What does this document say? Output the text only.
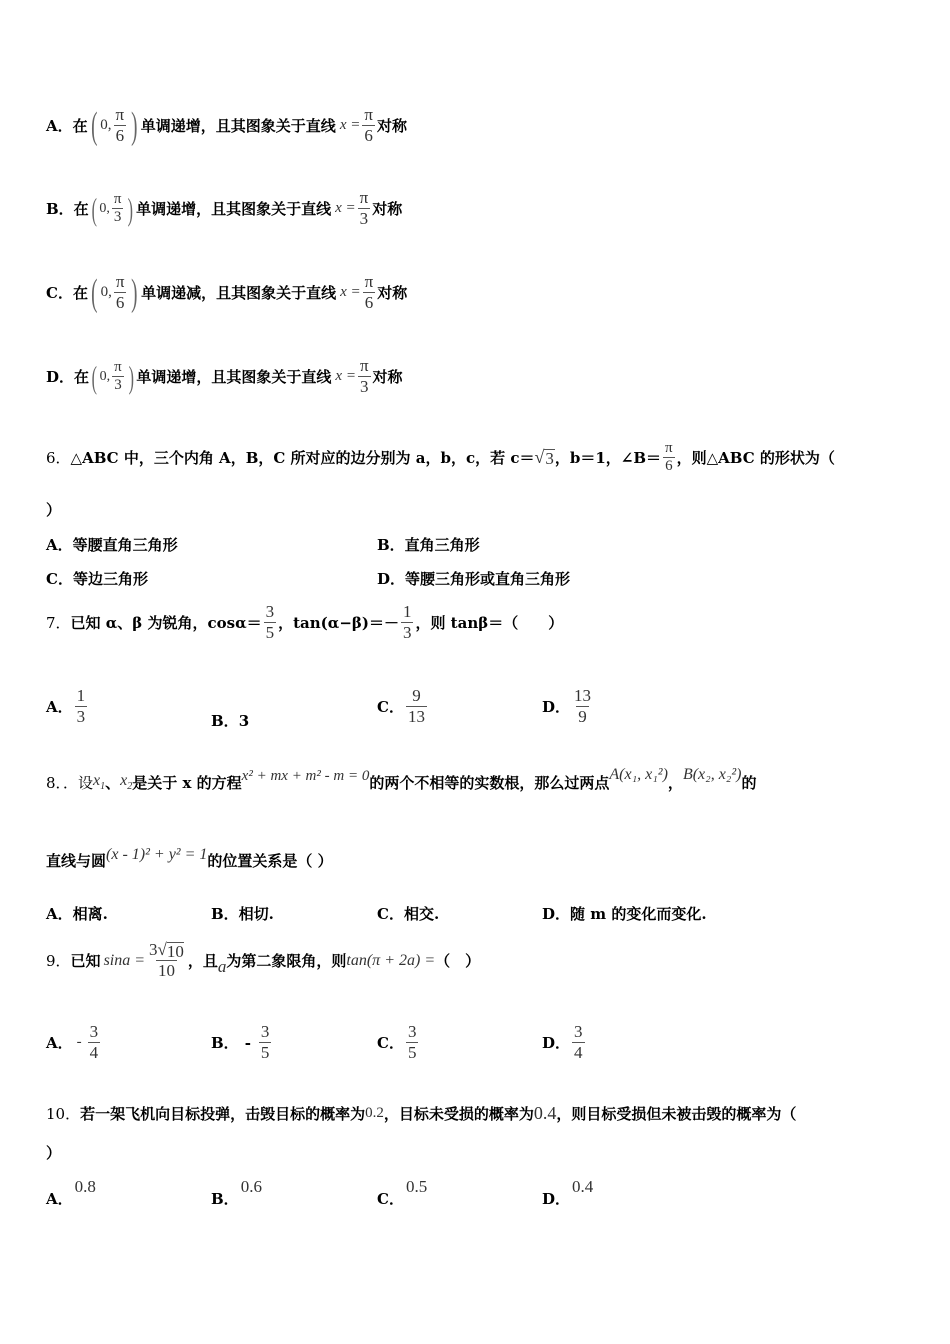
A．在 ( 0, $\frac{\pi}{6}$ ) 单调递增，且其图象关于直线 $x = \frac{\pi}{6}$ 对称
B．在 ( 0, $\frac{\pi}{3}$ ) 单调递增，且其图象关于直线 $x = \frac{\pi}{3}$ 对称
C．在 ( 0, $\frac{\pi}{6}$ ) 单调递减，且其图象关于直线 $x = \frac{\pi}{6}$ 对称
D．在 ( 0, $\frac{\pi}{3}$ ) 单调递增，且其图象关于直线 $x = \frac{\pi}{3}$ 对称
6． △ABC 中，三个内角 A，B，C 所对应的边分别为 a，b，c，若 c＝ √ 3 ，b＝1，∠B＝ $\frac{\pi}{6}$ ，则△ABC 的形状为（
）
A．等腰直角三角形	B．直角三角形
C．等边三角形	D．等腰三角形或直角三角形
7． 已知 α、β 为锐角，$\cos\alpha= \frac{3}{5}$ ，$\tan(\alpha-\beta)=- \frac{1}{3}$ ，则 tanβ＝（　　）
A． $\frac{1}{3}$	B． 3
C． $\frac{9}{13}$	D． $\frac{13}{9}$
8．．设 $x_1$ 、 $x_2$ 是关于 x 的方程 x² + mx + m² - m = 0 的两个不相等的实数根，那么过两点 A(x₁, x₁²) ， B(x₂, x₂²) 的
直线与圆 (x - 1)² + y² = 1 的位置关系是（ ）
A．相离.	B．相切.	C．相交.	D．随 m 的变化而变化.
9． 已知 $\sin a = \frac{3 √ 10}{10}$ ，且 a 为第二象限角，则 tan(π + 2a) = （　）
A． - $\frac{3}{4}$	B． - $\frac{3}{5}$	C． $\frac{3}{5}$	D． $\frac{3}{4}$
10． 若一架飞机向目标投弹，击毁目标的概率为 0.2 ，目标未受损的概率为 0.4 ，则目标受损但未被击毁的概率为（
）
A．
0.8
B．
0.6
C．
0.5
D．
0.4
